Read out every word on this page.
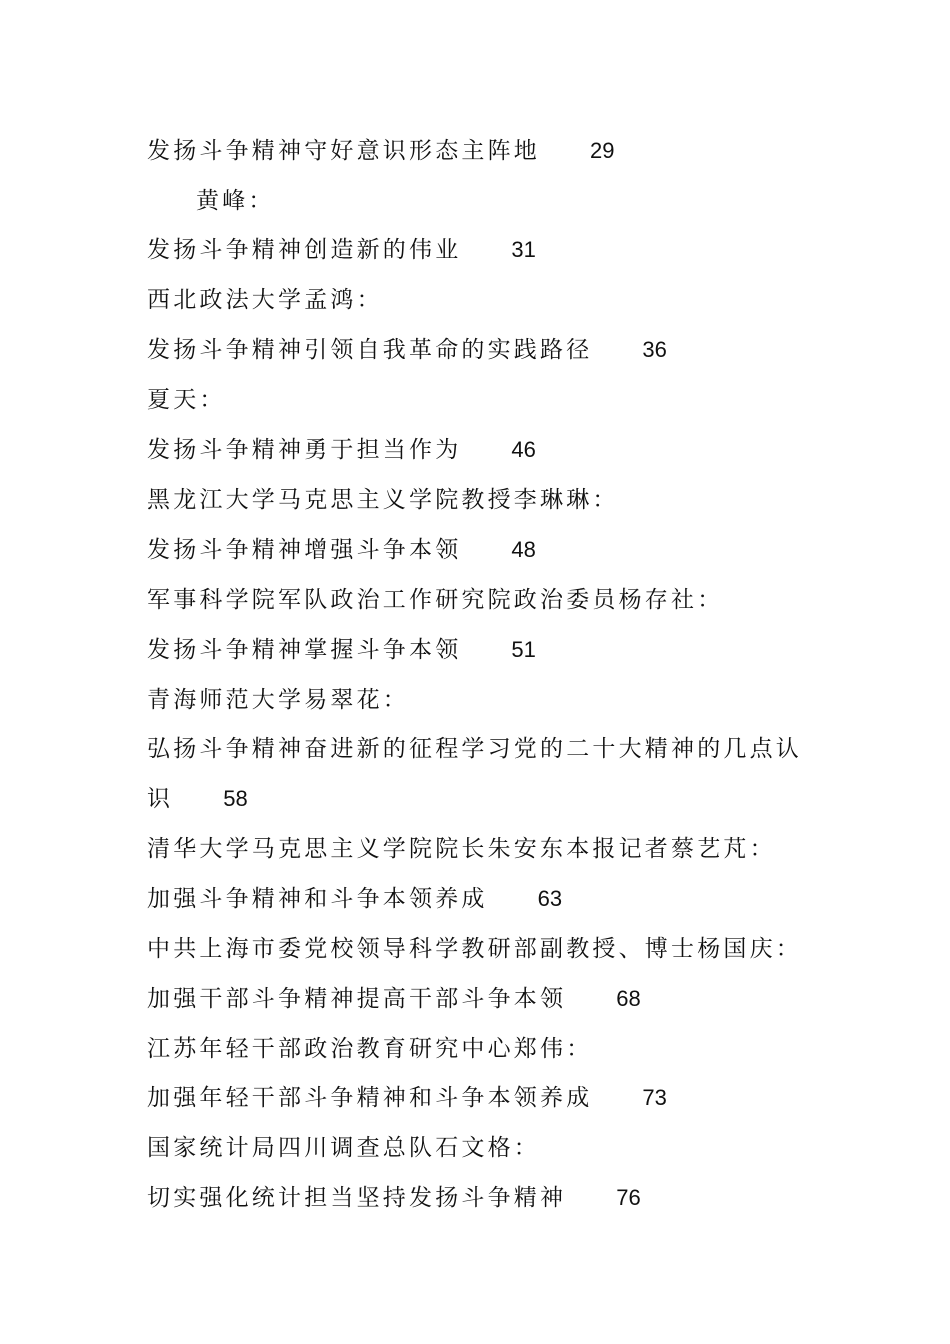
发扬斗争精神守好意识形态主阵地 29
黄峰：
发扬斗争精神创造新的伟业 31
西北政法大学孟鸿：
发扬斗争精神引领自我革命的实践路径 36
夏天：
发扬斗争精神勇于担当作为 46
黑龙江大学马克思主义学院教授李琳琳：
发扬斗争精神增强斗争本领 48
军事科学院军队政治工作研究院政治委员杨存社：
发扬斗争精神掌握斗争本领 51
青海师范大学易翠花：
弘扬斗争精神奋进新的征程学习党的二十大精神的几点认
识 58
清华大学马克思主义学院院长朱安东本报记者蔡艺芃：
加强斗争精神和斗争本领养成 63
中共上海市委党校领导科学教研部副教授、博士杨国庆：
加强干部斗争精神提高干部斗争本领 68
江苏年轻干部政治教育研究中心郑伟：
加强年轻干部斗争精神和斗争本领养成 73
国家统计局四川调查总队石文格：
切实强化统计担当坚持发扬斗争精神 76
